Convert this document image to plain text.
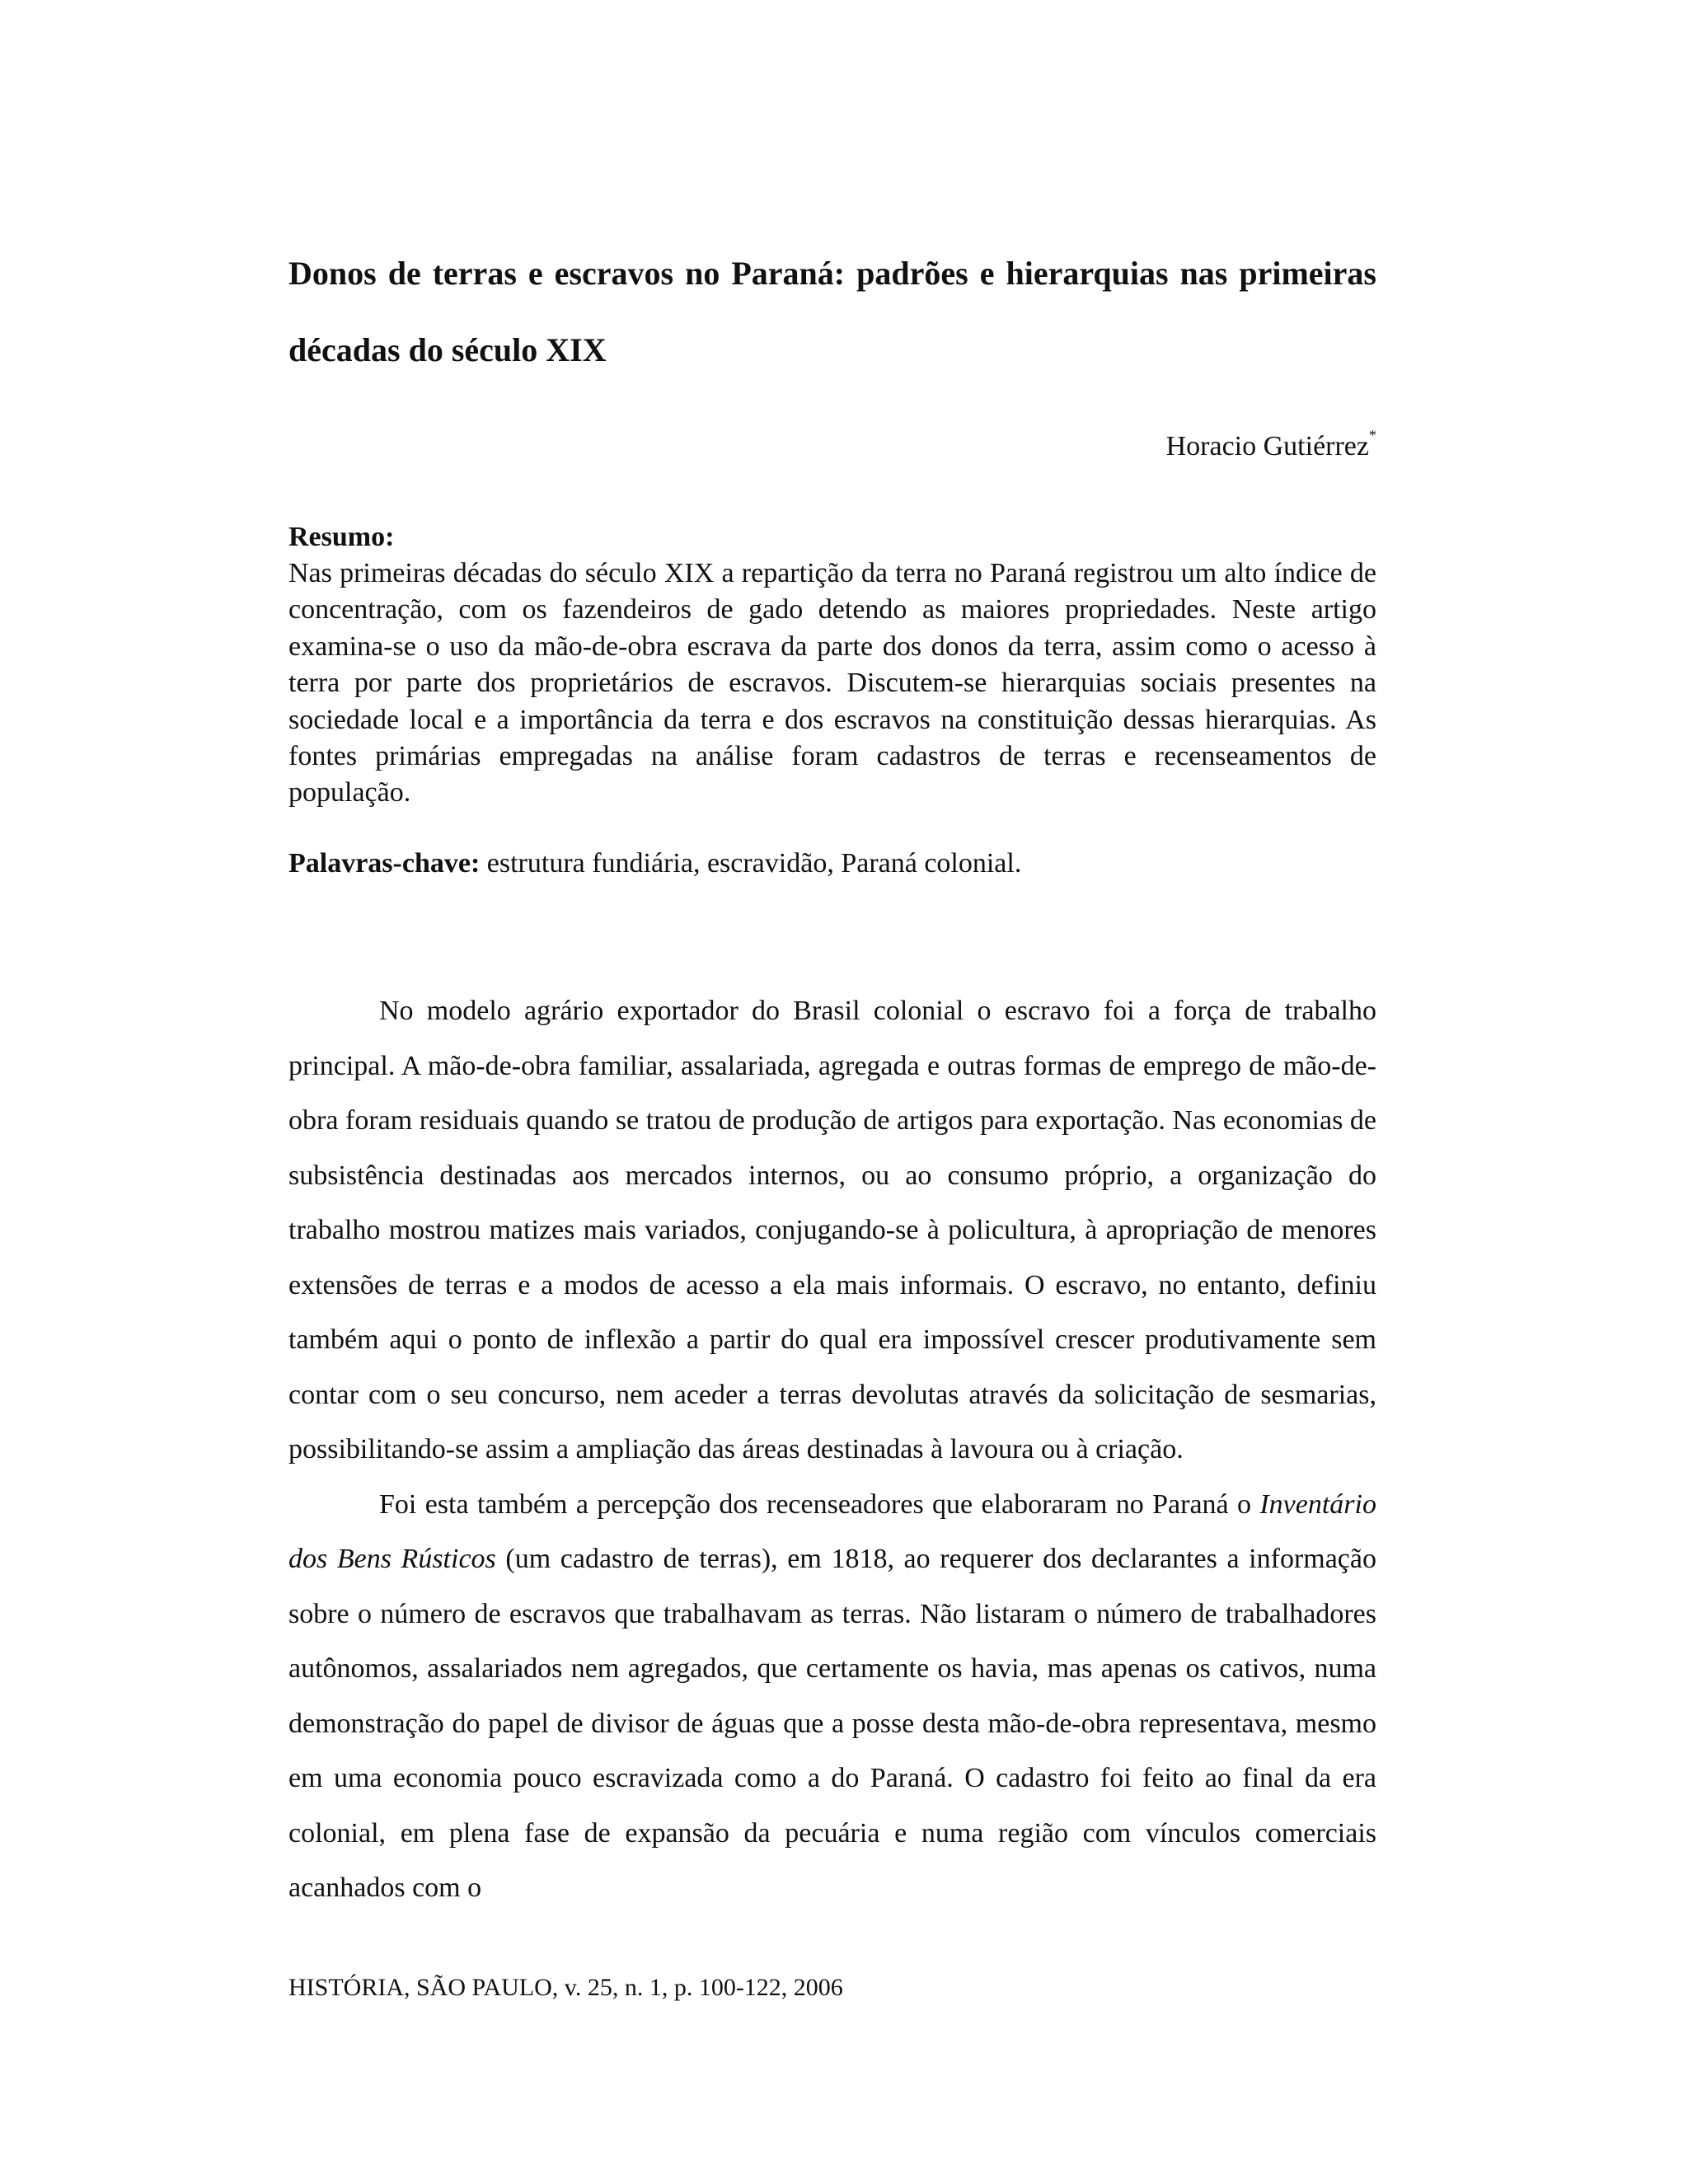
Donos de terras e escravos no Paraná: padrões e hierarquias nas primeiras décadas do século XIX
Horacio Gutiérrez*

Resumo:

Nas primeiras décadas do século XIX a repartição da terra no Paraná registrou um alto índice de concentração, com os fazendeiros de gado detendo as maiores propriedades. Neste artigo examina-se o uso da mão-de-obra escrava da parte dos donos da terra, assim como o acesso à terra por parte dos proprietários de escravos. Discutem-se hierarquias sociais presentes na sociedade local e a importância da terra e dos escravos na constituição dessas hierarquias. As fontes primárias empregadas na análise foram cadastros de terras e recenseamentos de população.

Palavras-chave: estrutura fundiária, escravidão, Paraná colonial.

No modelo agrário exportador do Brasil colonial o escravo foi a força de trabalho principal. A mão-de-obra familiar, assalariada, agregada e outras formas de emprego de mão-de-obra foram residuais quando se tratou de produção de artigos para exportação. Nas economias de subsistência destinadas aos mercados internos, ou ao consumo próprio, a organização do trabalho mostrou matizes mais variados, conjugando-se à policultura, à apropriação de menores extensões de terras e a modos de acesso a ela mais informais. O escravo, no entanto, definiu também aqui o ponto de inflexão a partir do qual era impossível crescer produtivamente sem contar com o seu concurso, nem aceder a terras devolutas através da solicitação de sesmarias, possibilitando-se assim a ampliação das áreas destinadas à lavoura ou à criação.

Foi esta também a percepção dos recenseadores que elaboraram no Paraná o Inventário dos Bens Rústicos (um cadastro de terras), em 1818, ao requerer dos declarantes a informação sobre o número de escravos que trabalhavam as terras. Não listaram o número de trabalhadores autônomos, assalariados nem agregados, que certamente os havia, mas apenas os cativos, numa demonstração do papel de divisor de águas que a posse desta mão-de-obra representava, mesmo em uma economia pouco escravizada como a do Paraná. O cadastro foi feito ao final da era colonial, em plena fase de expansão da pecuária e numa região com vínculos comerciais acanhados com o

HISTÓRIA, SÃO PAULO, v. 25, n. 1, p. 100-122, 2006
